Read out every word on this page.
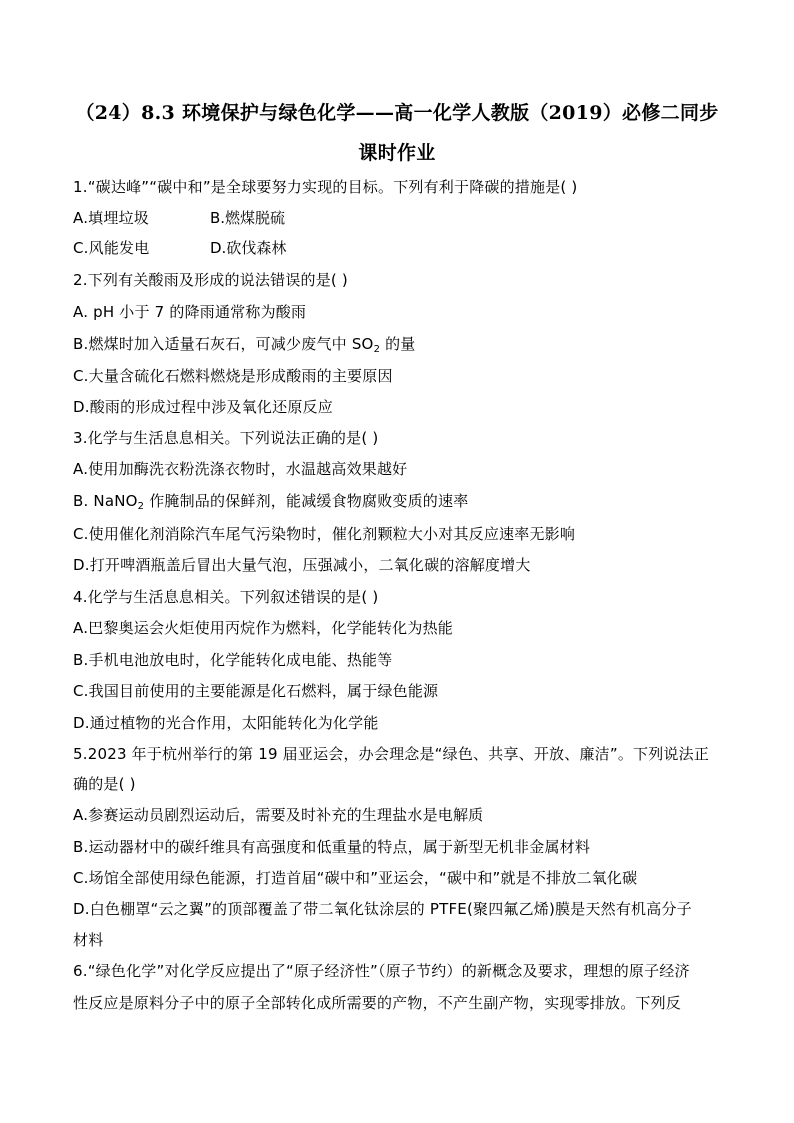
（24）8.3 环境保护与绿色化学——高一化学人教版（2019）必修二同步
课时作业
1.“碳达峰”“碳中和”是全球要努力实现的目标。下列有利于降碳的措施是( )
A.填埋垃圾	B.燃煤脱硫
C.风能发电	D.砍伐森林
2.下列有关酸雨及形成的说法错误的是( )
A. pH 小于 7 的降雨通常称为酸雨
B.燃煤时加入适量石灰石，可减少废气中 $SO_2$ 的量
C.大量含硫化石燃料燃烧是形成酸雨的主要原因
D.酸雨的形成过程中涉及氧化还原反应
3.化学与生活息息相关。下列说法正确的是( )
A.使用加酶洗衣粉洗涤衣物时，水温越高效果越好
B. NaNO$_2$ 作腌制品的保鲜剂，能减缓食物腐败变质的速率
C.使用催化剂消除汽车尾气污染物时，催化剂颗粒大小对其反应速率无影响
D.打开啤酒瓶盖后冒出大量气泡，压强减小，二氧化碳的溶解度增大
4.化学与生活息息相关。下列叙述错误的是( )
A.巴黎奥运会火炬使用丙烷作为燃料，化学能转化为热能
B.手机电池放电时，化学能转化成电能、热能等
C.我国目前使用的主要能源是化石燃料，属于绿色能源
D.通过植物的光合作用，太阳能转化为化学能
5.2023 年于杭州举行的第 19 届亚运会，办会理念是“绿色、共享、开放、廉洁”。下列说法正
确的是( )
A.参赛运动员剧烈运动后，需要及时补充的生理盐水是电解质
B.运动器材中的碳纤维具有高强度和低重量的特点，属于新型无机非金属材料
C.场馆全部使用绿色能源，打造首届“碳中和”亚运会，“碳中和”就是不排放二氧化碳
D.白色棚罩“云之翼”的顶部覆盖了带二氧化钛涂层的 PTFE(聚四氟乙烯)膜是天然有机高分子
材料
6.“绿色化学”对化学反应提出了“原子经济性”（原子节约）的新概念及要求，理想的原子经济
性反应是原料分子中的原子全部转化成所需要的产物，不产生副产物，实现零排放。下列反
